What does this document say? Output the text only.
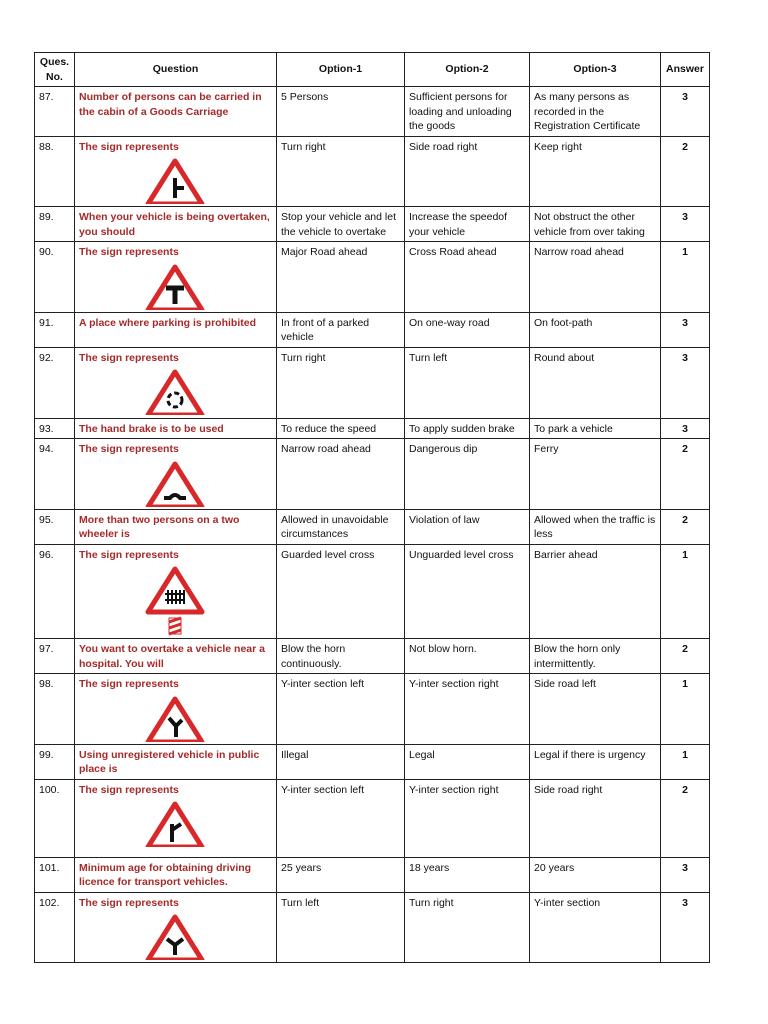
Ques. No.	Question	Option-1	Option-2	Option-3	Answer
87.	Number of persons can be carried in the cabin of a Goods Carriage	5 Persons	Sufficient persons for loading and unloading the goods	As many persons as recorded in the Registration Certificate	3
88.	The sign represents	Turn right	Side road right	Keep right	2
89.	When your vehicle is being overtaken, you should	Stop your vehicle and let the vehicle to overtake	Increase the speedof your vehicle	Not obstruct the other vehicle from over taking	3
90.	The sign represents	Major Road ahead	Cross Road ahead	Narrow road ahead	1
91.	A place where parking is prohibited	In front of a parked vehicle	On one-way road	On foot-path	3
92.	The sign represents	Turn right	Turn left	Round about	3
93.	The hand brake is to be used	To reduce the speed	To apply sudden brake	To park a vehicle	3
94.	The sign represents	Narrow road ahead	Dangerous dip	Ferry	2
95.	More than two persons on a two wheeler is	Allowed in unavoidable circumstances	Violation of law	Allowed when the traffic is less	2
96.	The sign represents	Guarded level cross	Unguarded level cross	Barrier ahead	1
97.	You want to overtake a vehicle near a hospital. You will	Blow the horn continuously.	Not blow horn.	Blow the horn only intermittently.	2
98.	The sign represents	Y-inter section left	Y-inter section right	Side road left	1
99.	Using unregistered vehicle in public place is	Illegal	Legal	Legal if there is urgency	1
100.	The sign represents	Y-inter section left	Y-inter section right	Side road right	2
101.	Minimum age for obtaining driving licence for transport vehicles.	25 years	18 years	20 years	3
102.	The sign represents	Turn left	Turn right	Y-inter section	3
